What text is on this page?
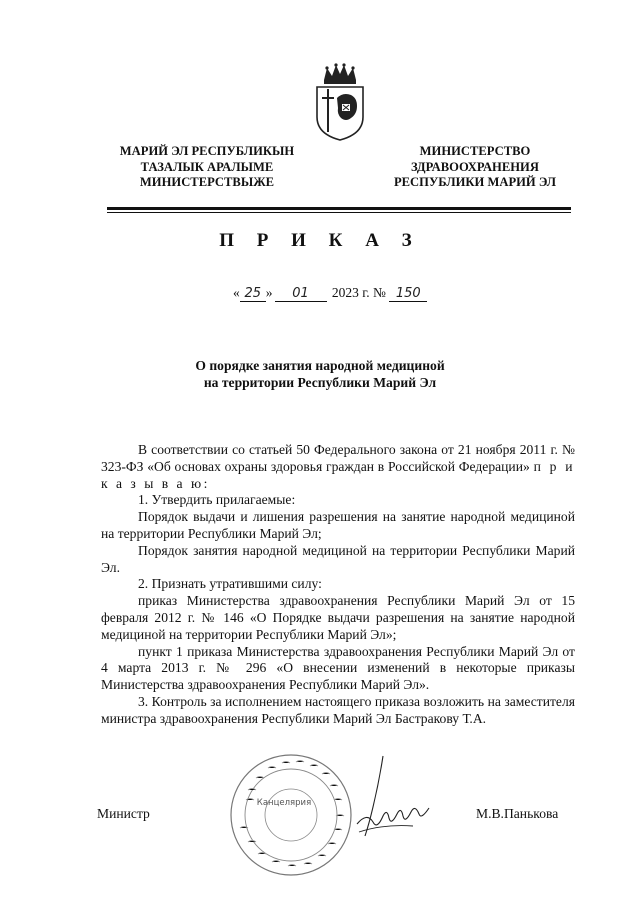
МАРИЙ ЭЛ РЕСПУБЛИКЫН
ТАЗАЛЫК АРАЛЫМЕ
МИНИСТЕРСТВЫЖЕ
МИНИСТЕРСТВО
ЗДРАВООХРАНЕНИЯ
РЕСПУБЛИКИ МАРИЙ ЭЛ
П Р И К А З
« 25 » 01 2023 г. № 150
О порядке занятия народной медициной
на территории Республики Марий Эл

В соответствии со статьей 50 Федерального закона от 21 ноября 2011 г. № 323-ФЗ «Об основах охраны здоровья граждан в Российской Федерации» п р и к а з ы в а ю:

1. Утвердить прилагаемые:

Порядок выдачи и лишения разрешения на занятие народной медициной на территории Республики Марий Эл;

Порядок занятия народной медициной на территории Республики Марий Эл.

2. Признать утратившими силу:

приказ Министерства здравоохранения Республики Марий Эл от 15 февраля 2012 г. № 146 «О Порядке выдачи разрешения на занятие народной медициной на территории Республики Марий Эл»;

пункт 1 приказа Министерства здравоохранения Республики Марий Эл от 4 марта 2013 г. № 296 «О внесении изменений в некоторые приказы Министерства здравоохранения Республики Марий Эл».

3. Контроль за исполнением настоящего приказа возложить на заместителя министра здравоохранения Республики Марий Эл Бастракову Т.А.

Канцелярия
Министр	М.В.Панькова
